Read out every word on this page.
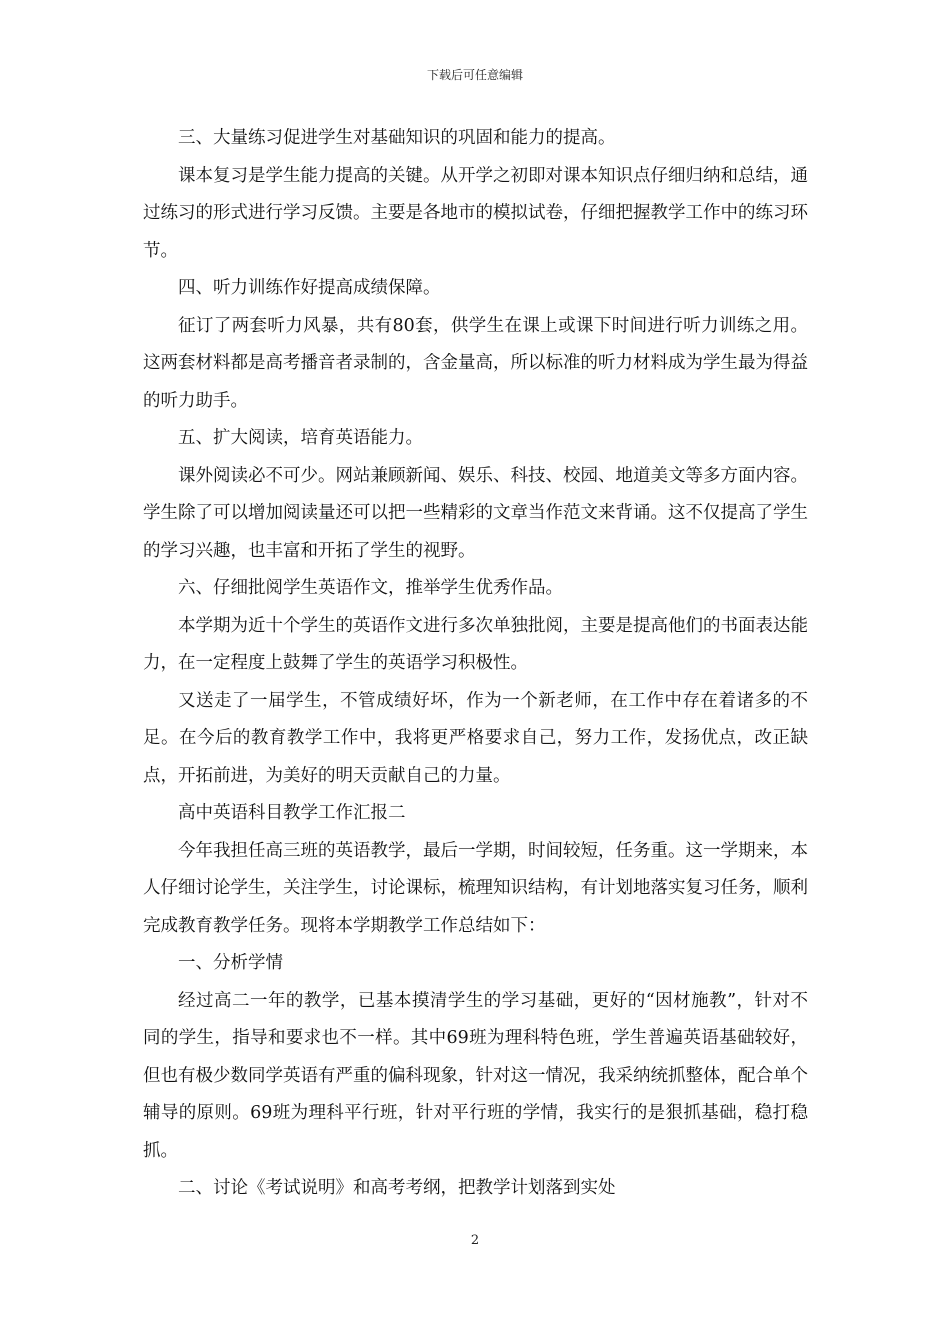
下载后可任意编辑

三、大量练习促进学生对基础知识的巩固和能力的提高。

课本复习是学生能力提高的关键。从开学之初即对课本知识点仔细归纳和总结，通过练习的形式进行学习反馈。主要是各地市的模拟试卷，仔细把握教学工作中的练习环节。

四、听力训练作好提高成绩保障。

征订了两套听力风暴，共有80套，供学生在课上或课下时间进行听力训练之用。这两套材料都是高考播音者录制的，含金量高，所以标准的听力材料成为学生最为得益的听力助手。

五、扩大阅读，培育英语能力。

课外阅读必不可少。网站兼顾新闻、娱乐、科技、校园、地道美文等多方面内容。学生除了可以增加阅读量还可以把一些精彩的文章当作范文来背诵。这不仅提高了学生的学习兴趣，也丰富和开拓了学生的视野。

六、仔细批阅学生英语作文，推举学生优秀作品。

本学期为近十个学生的英语作文进行多次单独批阅，主要是提高他们的书面表达能力，在一定程度上鼓舞了学生的英语学习积极性。

又送走了一届学生，不管成绩好坏，作为一个新老师，在工作中存在着诸多的不足。在今后的教育教学工作中，我将更严格要求自己，努力工作，发扬优点，改正缺点，开拓前进，为美好的明天贡献自己的力量。

高中英语科目教学工作汇报二

今年我担任高三班的英语教学，最后一学期，时间较短，任务重。这一学期来，本人仔细讨论学生，关注学生，讨论课标，梳理知识结构，有计划地落实复习任务，顺利完成教育教学任务。现将本学期教学工作总结如下：

一、分析学情

经过高二一年的教学，已基本摸清学生的学习基础，更好的“因材施教”，针对不同的学生，指导和要求也不一样。其中69班为理科特色班，学生普遍英语基础较好，但也有极少数同学英语有严重的偏科现象，针对这一情况，我采纳统抓整体，配合单个辅导的原则。69班为理科平行班，针对平行班的学情，我实行的是狠抓基础，稳打稳抓。

二、讨论《考试说明》和高考考纲，把教学计划落到实处

2
